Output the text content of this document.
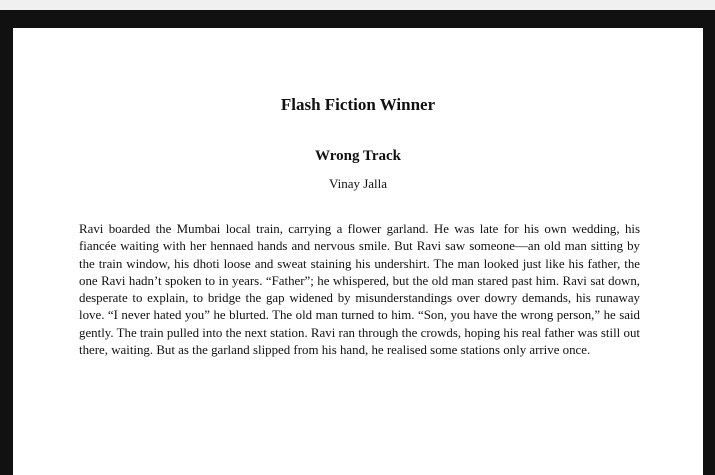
Flash Fiction Winner
Wrong Track

Vinay Jalla

Ravi boarded the Mumbai local train, carrying a flower garland. He was late for his own wedding, his fiancée waiting with her hennaed hands and nervous smile. But Ravi saw someone—an old man sitting by the train window, his dhoti loose and sweat staining his undershirt. The man looked just like his father, the one Ravi hadn’t spoken to in years. “Father”; he whispered, but the old man stared past him. Ravi sat down, desperate to explain, to bridge the gap widened by misunderstandings over dowry demands, his runaway love. “I never hated you” he blurted. The old man turned to him. “Son, you have the wrong person,” he said gently. The train pulled into the next station. Ravi ran through the crowds, hoping his real father was still out there, waiting. But as the garland slipped from his hand, he realised some stations only arrive once.
